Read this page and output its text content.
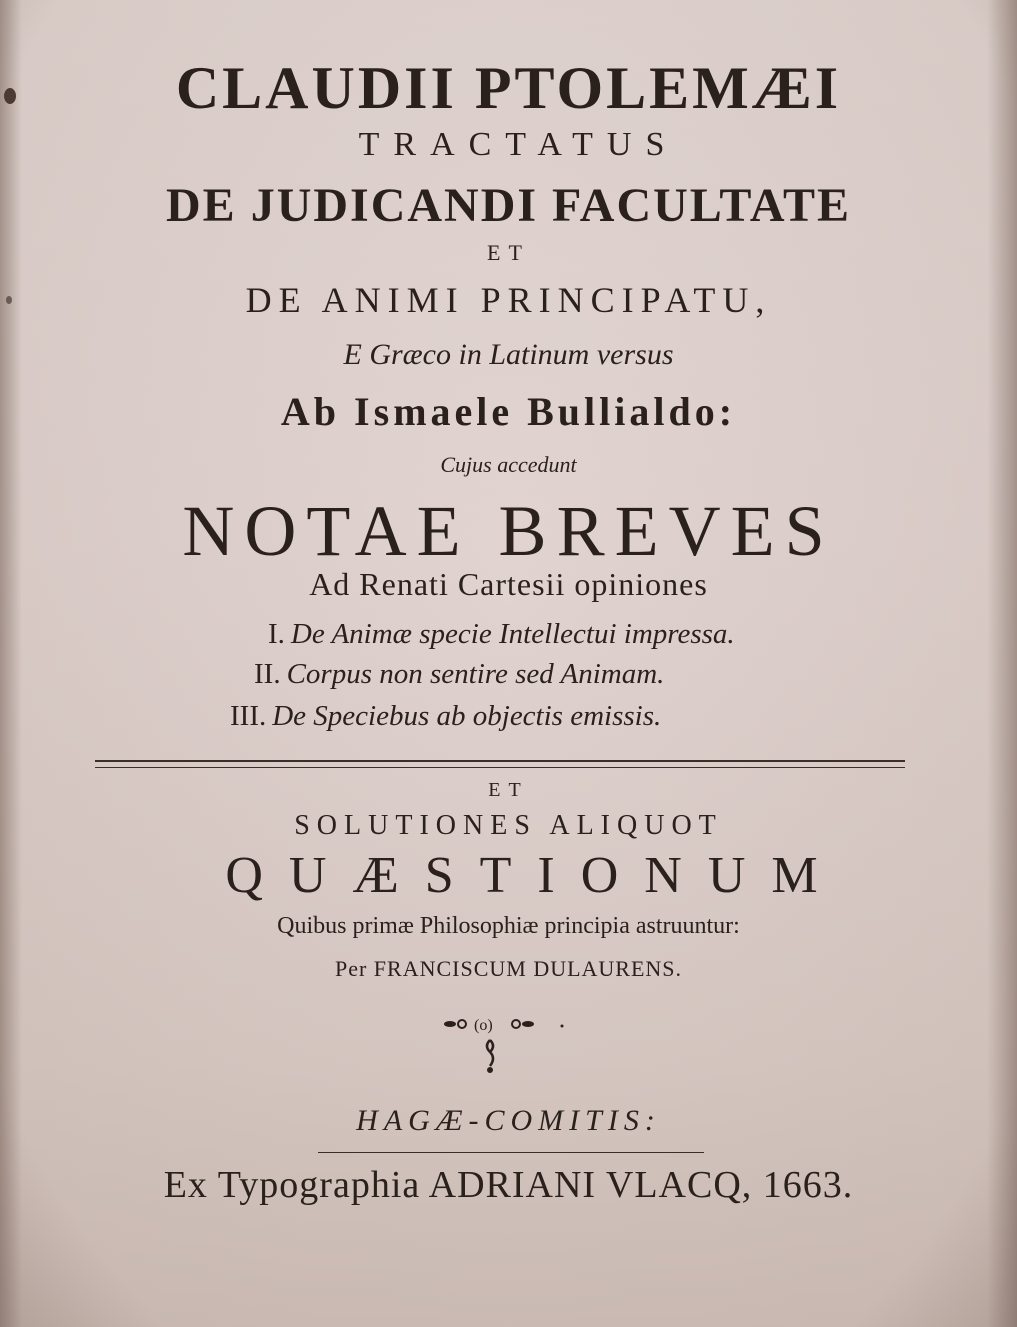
CLAUDII PTOLEMÆI
TRACTATUS
DE JUDICANDI FACULTATE
ET
DE ANIMI PRINCIPATU,
E Græco in Latinum versus
Ab Ismaele Bullialdo:
Cujus accedunt
NOTAE BREVES
Ad Renati Cartesii opiniones
I. De Animæ specie Intellectui impressa.
II. Corpus non sentire sed Animam.
III. De Speciebus ab objectis emissis.
ET
SOLUTIONES ALIQUOT
QUÆSTIONUM
Quibus primæ Philosophiæ principia astruuntur:
Per FRANCISCUM DULAURENS.
(o)
HAGÆ-COMITIS:
Ex Typographia ADRIANI VLACQ, 1663.
